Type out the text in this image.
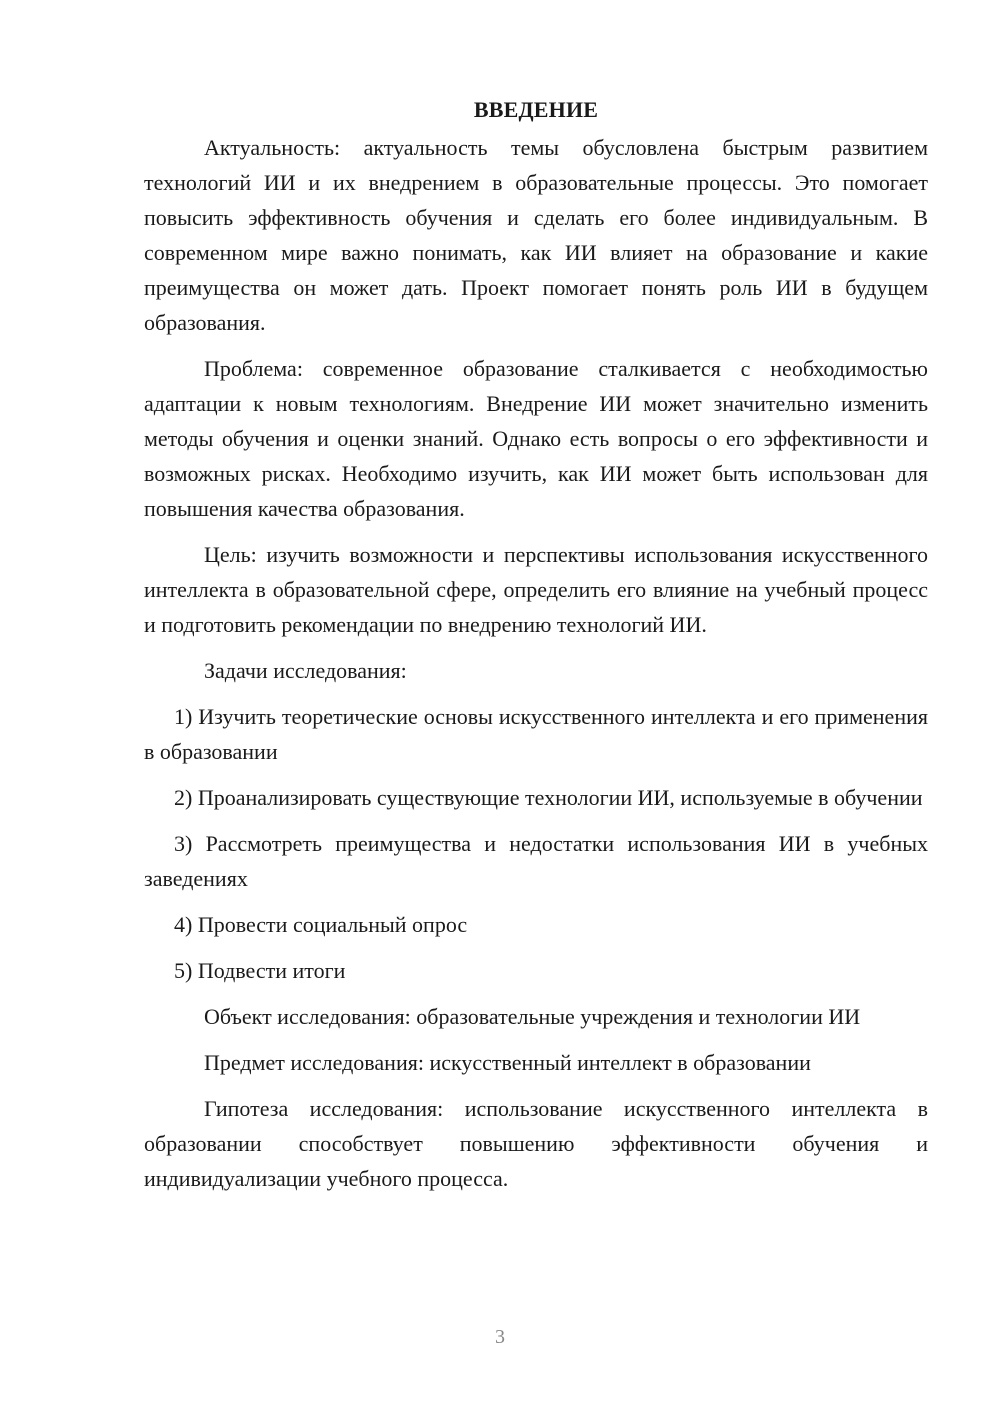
ВВЕДЕНИЕ

Актуальность: актуальность темы обусловлена быстрым развитием технологий ИИ и их внедрением в образовательные процессы. Это помогает повысить эффективность обучения и сделать его более индивидуальным. В современном мире важно понимать, как ИИ влияет на образование и какие преимущества он может дать. Проект помогает понять роль ИИ в будущем образования.

Проблема: современное образование сталкивается с необходимостью адаптации к новым технологиям. Внедрение ИИ может значительно изменить методы обучения и оценки знаний. Однако есть вопросы о его эффективности и возможных рисках. Необходимо изучить, как ИИ может быть использован для повышения качества образования.

Цель: изучить возможности и перспективы использования искусственного интеллекта в образовательной сфере, определить его влияние на учебный процесс и подготовить рекомендации по внедрению технологий ИИ.

Задачи исследования:

1) Изучить теоретические основы искусственного интеллекта и его применения в образовании

2) Проанализировать существующие технологии ИИ, используемые в обучении

3) Рассмотреть преимущества и недостатки использования ИИ в учебных заведениях

4) Провести социальный опрос

5) Подвести итоги

Объект исследования: образовательные учреждения и технологии ИИ

Предмет исследования: искусственный интеллект в образовании

Гипотеза исследования: использование искусственного интеллекта в образовании способствует повышению эффективности обучения и индивидуализации учебного процесса.

3
